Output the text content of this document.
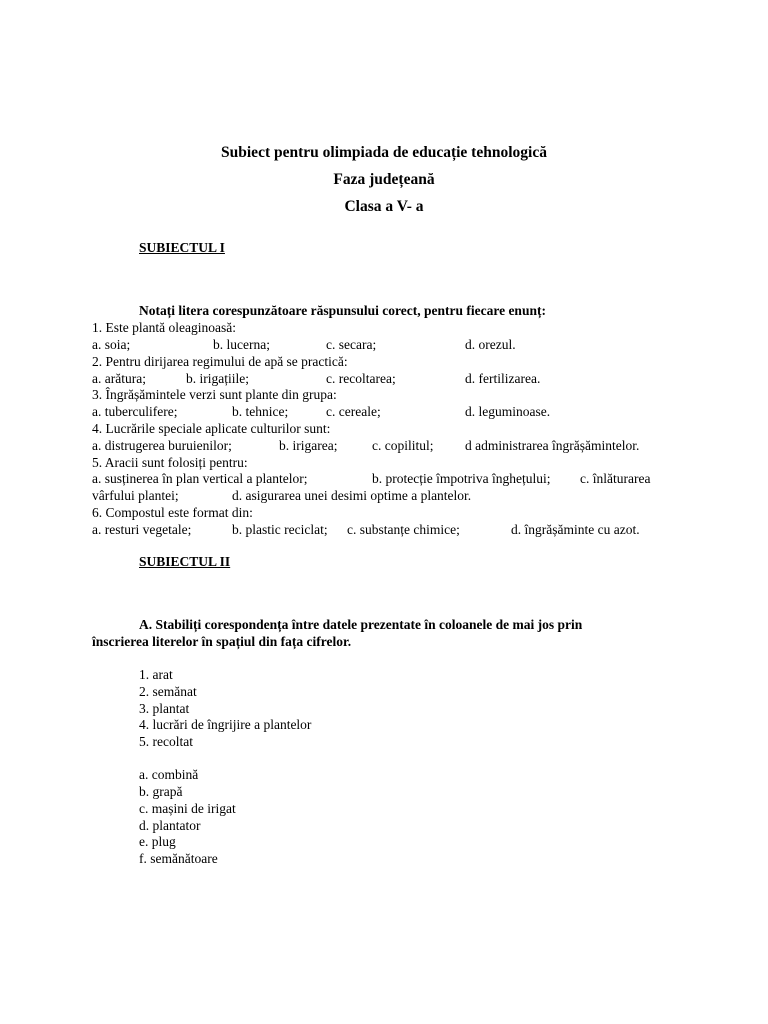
Subiect pentru olimpiada de educație tehnologică
Faza județeană
Clasa a V- a
SUBIECTUL I
Notați litera corespunzătoare răspunsului corect, pentru fiecare enunț:
1. Este plantă oleaginoasă:
a. soia;	b. lucerna;	c. secara;	d. orezul.
2. Pentru dirijarea regimului de apă se practică:
a. arătura;	b. irigațiile;	c. recoltarea;	d. fertilizarea.
3. Îngrășămintele verzi sunt plante din grupa:
a. tuberculifere;	b. tehnice;	c. cereale;	d. leguminoase.
4. Lucrările speciale aplicate culturilor sunt:
a. distrugerea buruienilor;	b. irigarea;	c. copilitul; d administrarea îngrășămintelor.
5. Aracii sunt folosiți pentru:
a. susținerea în plan vertical a plantelor;	b. protecție împotriva înghețului; c. înlăturarea
vârfului plantei;	d. asigurarea unei desimi optime a plantelor.
6. Compostul este format din:
a. resturi vegetale;	b. plastic reciclat; c. substanțe chimice;	d. îngrășăminte cu azot.
SUBIECTUL II
A. Stabiliți corespondența între datele prezentate în coloanele de mai jos prin
înscrierea literelor în spațiul din fața cifrelor.
1. arat
2. semănat
3. plantat
4. lucrări de îngrijire a plantelor
5. recoltat
a. combină
b. grapă
c. mașini de irigat
d. plantator
e. plug
f. semănătoare
